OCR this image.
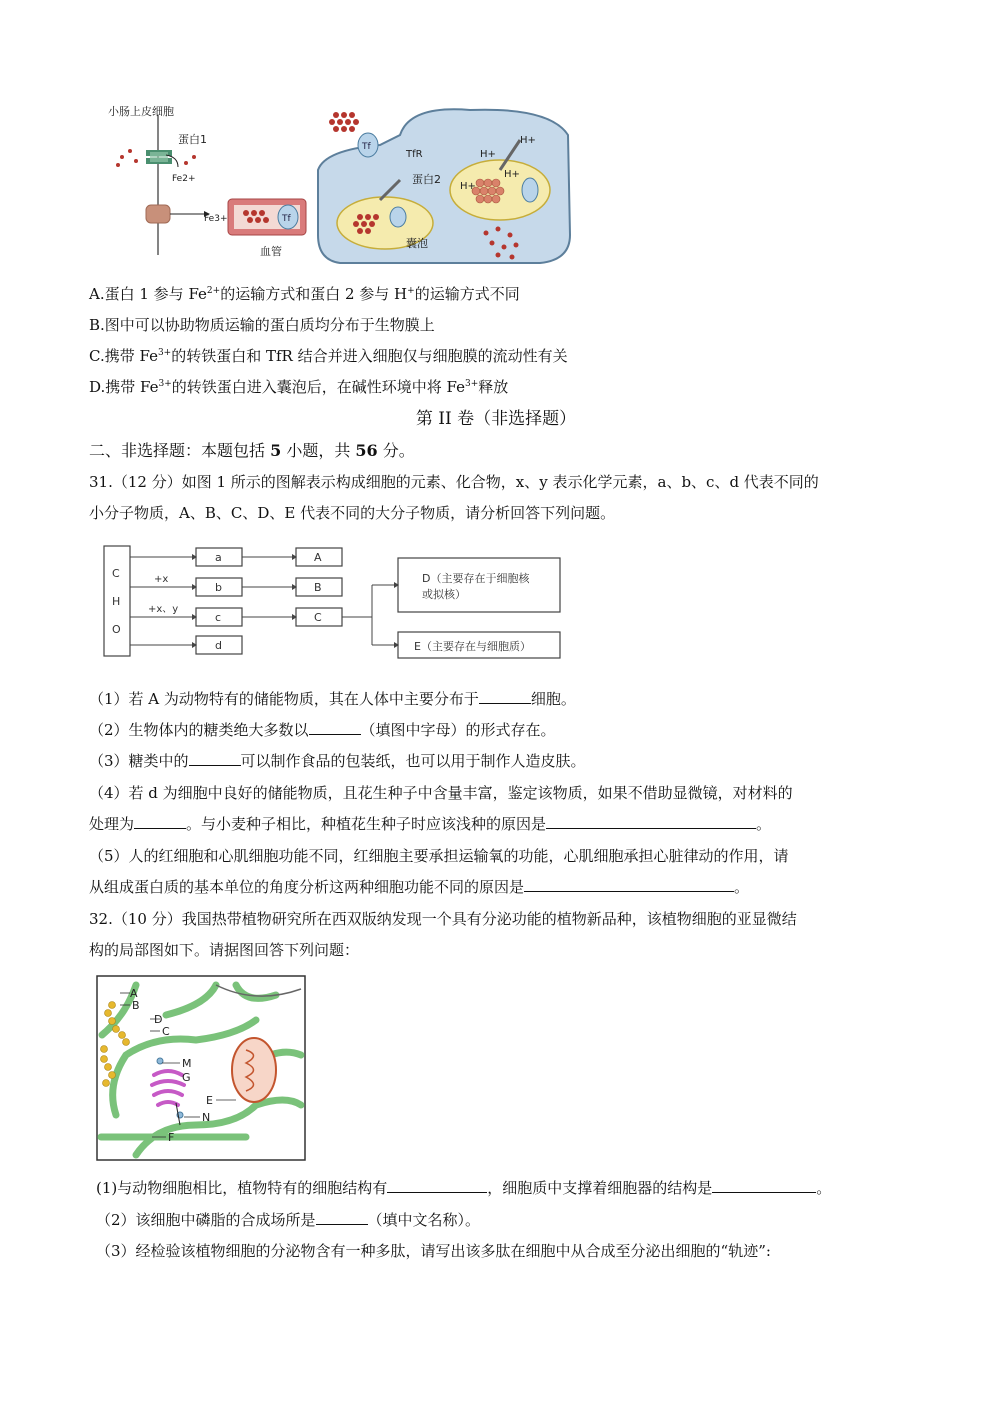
小肠上皮细胞
蛋白1
Fe2+
Fe3+	Tf
血管
Tf
TfR
蛋白2
囊泡
H+
H+
H+
H+
A.蛋白 1 参与 $Fe^{2+}$的运输方式和蛋白 2 参与 H+的运输方式不同
B.图中可以协助物质运输的蛋白质均分布于生物膜上
C.携带 $Fe^{3+}$的转铁蛋白和 TfR 结合并进入细胞仅与细胞膜的流动性有关
D.携带 $Fe^{3+}$的转铁蛋白进入囊泡后，在碱性环境中将 $Fe^{3+}$释放
第 II 卷（非选择题）
二、非选择题：本题包括 5 小题，共 56 分。
31.（12 分）如图 1 所示的图解表示构成细胞的元素、化合物，x、y 表示化学元素，a、b、c、d 代表不同的
小分子物质，A、B、C、D、E 代表不同的大分子物质，请分析回答下列问题。
C
H
O
+x
+x、y
a
b
c
d
A
B
C
D（主要存在于细胞核
或拟核）
E（主要存在与细胞质）
（1）若 A 为动物特有的储能物质，其在人体中主要分布于	细胞。
（2）生物体内的糖类绝大多数以	（填图中字母）的形式存在。
（3）糖类中的	可以制作食品的包装纸，也可以用于制作人造皮肤。
（4）若 d 为细胞中良好的储能物质，且花生种子中含量丰富，鉴定该物质，如果不借助显微镜，对材料的
处理为	。与小麦种子相比，种植花生种子时应该浅种的原因是	。
（5）人的红细胞和心肌细胞功能不同，红细胞主要承担运输氧的功能，心肌细胞承担心脏律动的作用，请
从组成蛋白质的基本单位的角度分析这两种细胞功能不同的原因是	。
32.（10 分）我国热带植物研究所在西双版纳发现一个具有分泌功能的植物新品种，该植物细胞的亚显微结
构的局部图如下。请据图回答下列问题：
A
B
D
C
M
G
E
N
F
(1)与动物细胞相比，植物特有的细胞结构有	，细胞质中支撑着细胞器的结构是	。
（2）该细胞中磷脂的合成场所是	（填中文名称）。
（3）经检验该植物细胞的分泌物含有一种多肽，请写出该多肽在细胞中从合成至分泌出细胞的“轨迹”:
